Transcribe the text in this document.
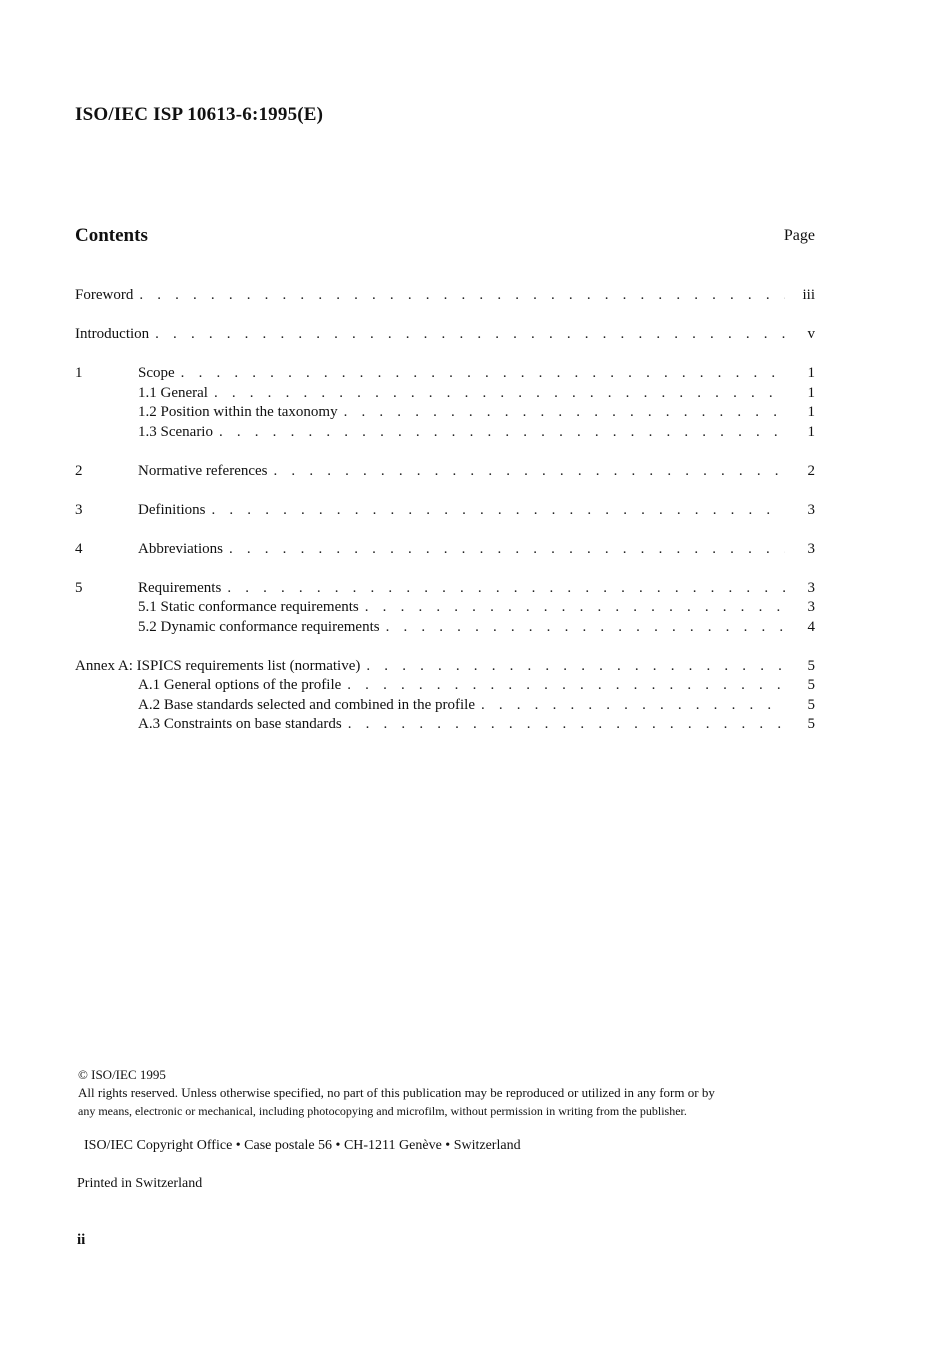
ISO/IEC ISP 10613-6:1995(E)
Contents	Page
Foreword . . .	iii
Introduction . . .	v
1	Scope . . .	1
1.1 General . . .	1
1.2 Position within the taxonomy . . .	1
1.3 Scenario . . .	1
2	Normative references . . .	2
3	Definitions . . .	3
4	Abbreviations . . .	3
5	Requirements . . .	3
5.1 Static conformance requirements . . .	3
5.2 Dynamic conformance requirements . . .	4
Annex A: ISPICS requirements list (normative) . . .	5
A.1 General options of the profile . . .	5
A.2 Base standards selected and combined in the profile . . .	5
A.3 Constraints on base standards . . .	5
© ISO/IEC 1995
All rights reserved. Unless otherwise specified, no part of this publication may be reproduced or utilized in any form or by
any means, electronic or mechanical, including photocopying and microfilm, without permission in writing from the publisher.
ISO/IEC Copyright Office • Case postale 56 • CH-1211 Genève • Switzerland
Printed in Switzerland
ii
